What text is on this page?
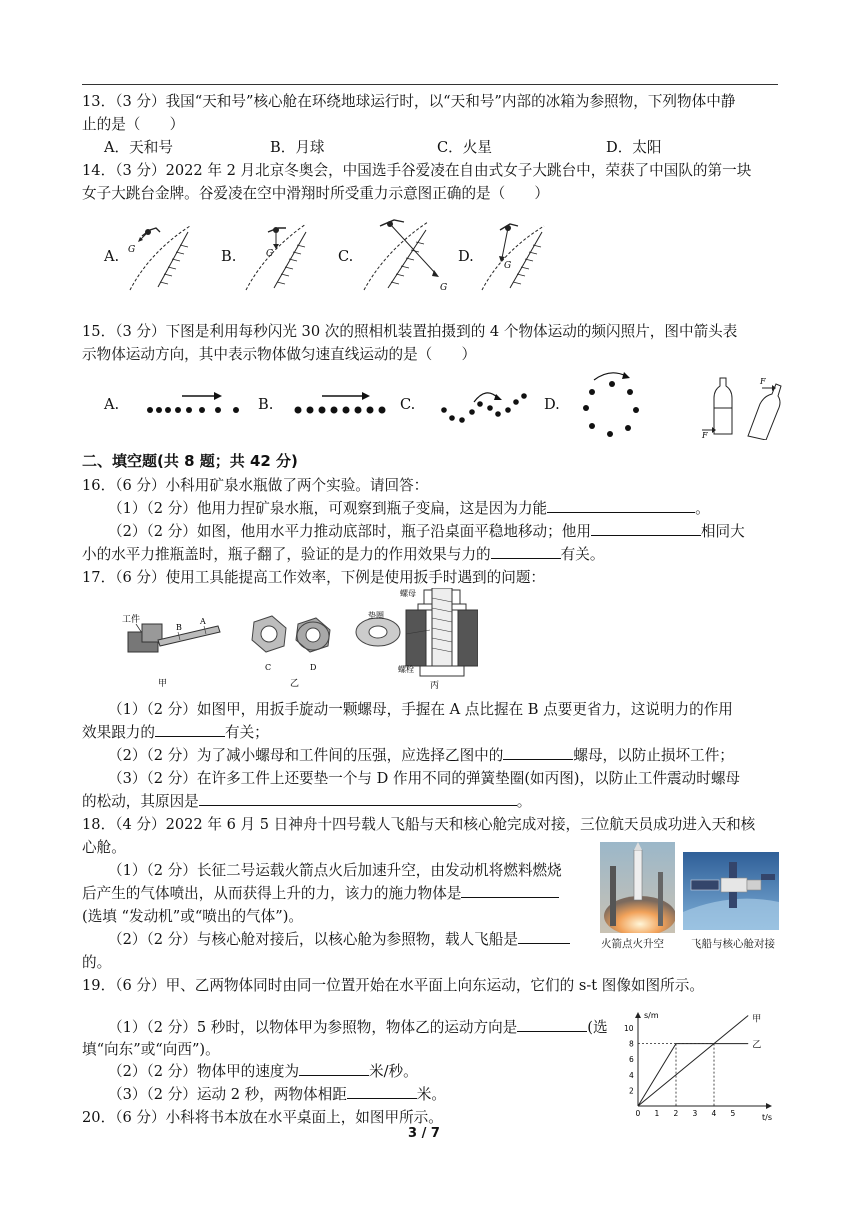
13．（3 分）我国“天和号”核心舱在环绕地球运行时，以“天和号”内部的冰箱为参照物，下列物体中静
止的是（　　）
A．天和号	B．月球	C．火星	D．太阳
14．（3 分）2022 年 2 月北京冬奥会，中国选手谷爱凌在自由式女子大跳台中，荣获了中国队的第一块
女子大跳台金牌。谷爱凌在空中滑翔时所受重力示意图正确的是（　　）
A.	B.	C.	D.
G	G
G
G
15．（3 分）下图是利用每秒闪光 30 次的照相机装置拍摄到的 4 个物体运动的频闪照片，图中箭头表
示物体运动方向，其中表示物体做匀速直线运动的是（　　）
A.	B.	C.	D.
F
F
二、填空题(共 8 题；共 42 分)
16．（6 分）小科用矿泉水瓶做了两个实验。请回答：
（1）（2 分）他用力捏矿泉水瓶，可观察到瓶子变扁，这是因为力能	。
（2）（2 分）如图，他用水平力推动底部时，瓶子沿桌面平稳地移动；他用	相同大
小的水平力推瓶盖时，瓶子翻了，验证的是力的作用效果与力的	有关。
17．（6 分）使用工具能提高工作效率，下例是使用扳手时遇到的问题：
工件
B
A
甲
C	D
乙
垫圈
螺母
螺栓
丙
（1）（2 分）如图甲，用扳手旋动一颗螺母，手握在 A 点比握在 B 点要更省力，这说明力的作用
效果跟力的	有关；
（2）（2 分）为了减小螺母和工件间的压强，应选择乙图中的	螺母，以防止损坏工件；
（3）（2 分）在许多工件上还要垫一个与 D 作用不同的弹簧垫圈(如丙图)，以防止工件震动时螺母
的松动，其原因是	。
18．（4 分）2022 年 6 月 5 日神舟十四号载人飞船与天和核心舱完成对接，三位航天员成功进入天和核
心舱。
（1）（2 分）长征二号运载火箭点火后加速升空，由发动机将燃料燃烧
后产生的气体喷出，从而获得上升的力，该力的施力物体是
(选填 “发动机”或“喷出的气体”)。
（2）（2 分）与核心舱对接后，以核心舱为参照物，载人飞船是
的。
火箭点火升空	飞船与核心舱对接
19．（6 分）甲、乙两物体同时由同一位置开始在水平面上向东运动，它们的 s-t 图像如图所示。
（1）（2 分）5 秒时，以物体甲为参照物，物体乙的运动方向是	(选
填“向东”或“向西”)。
（2）（2 分）物体甲的速度为	米/秒。
（3）（2 分）运动 2 秒，两物体相距	米。
s/m
t/s
0 1 2 3 4 5
2
4
6
8
10
甲
乙
20．（6 分）小科将书本放在水平桌面上，如图甲所示。
3 / 7
